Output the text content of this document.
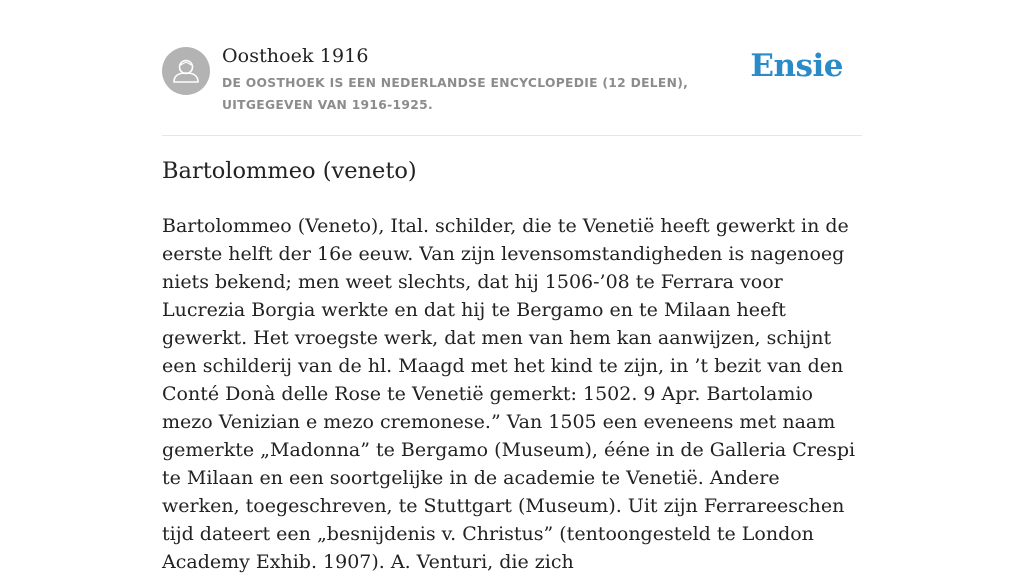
Oosthoek 1916
DE OOSTHOEK IS EEN NEDERLANDSE ENCYCLOPEDIE (12 DELEN), UITGEGEVEN VAN 1916-1925.
Ensie
Bartolommeo (veneto)

Bartolommeo (Veneto), Ital. schilder, die te Venetië heeft gewerkt in de eerste helft der 16e eeuw. Van zijn levensomstandigheden is nagenoeg niets bekend; men weet slechts, dat hij 1506-’08 te Ferrara voor Lucrezia Borgia werkte en dat hij te Bergamo en te Milaan heeft gewerkt. Het vroegste werk, dat men van hem kan aanwijzen, schijnt een schilderij van de hl. Maagd met het kind te zijn, in ’t bezit van den Conté Donà delle Rose te Venetië gemerkt: 1502. 9 Apr. Bartolamio mezo Venizian e mezo cremonese.” Van 1505 een eveneens met naam gemerkte „Madonna” te Bergamo (Museum), ééne in de Galleria Crespi te Milaan en een soortgelijke in de academie te Venetië. Andere werken, toegeschreven, te Stuttgart (Museum). Uit zijn Ferrareeschen tijd dateert een „besnijdenis v. Christus” (tentoongesteld te London Academy Exhib. 1907). A. Venturi, die zich
